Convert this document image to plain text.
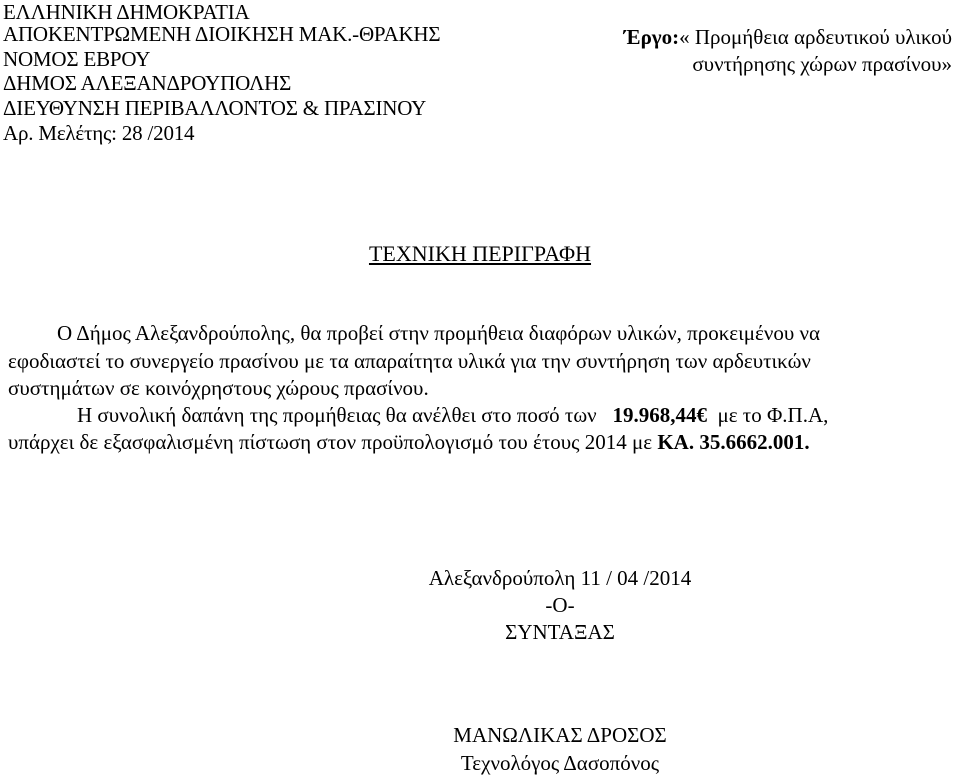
ΕΛΛΗΝΙΚΗ ΔΗΜΟΚΡΑΤΙΑ
ΑΠΟΚΕΝΤΡΩΜΕΝΗ ΔΙΟΙΚΗΣΗ ΜΑΚ.-ΘΡΑΚΗΣ
ΝΟΜΟΣ ΕΒΡΟΥ
ΔΗΜΟΣ ΑΛΕΞΑΝΔΡΟΥΠΟΛΗΣ
ΔΙΕΥΘΥΝΣΗ ΠΕΡΙΒΑΛΛΟΝΤΟΣ & ΠΡΑΣΙΝΟΥ
Αρ. Μελέτης: 28 /2014
Έργο:« Προμήθεια αρδευτικού υλικού
συντήρησης χώρων πρασίνου»
ΤΕΧΝΙΚΗ ΠΕΡΙΓΡΑΦΗ
Ο Δήμος Αλεξανδρούπολης, θα προβεί στην προμήθεια διαφόρων υλικών, προκειμένου να
εφοδιαστεί το συνεργείο πρασίνου με τα απαραίτητα υλικά για την συντήρηση των αρδευτικών
συστημάτων σε κοινόχρηστους χώρους πρασίνου.
Η συνολική δαπάνη της προμήθειας θα ανέλθει στο ποσό των 19.968,44€ με το Φ.Π.Α,
υπάρχει δε εξασφαλισμένη πίστωση στον προϋπολογισμό του έτους 2014 με ΚΑ. 35.6662.001.
Αλεξανδρούπολη 11 / 04 /2014
-Ο-
ΣΥΝΤΑΞΑΣ
ΜΑΝΩΛΙΚΑΣ ΔΡΟΣΟΣ
Τεχνολόγος Δασοπόνος
